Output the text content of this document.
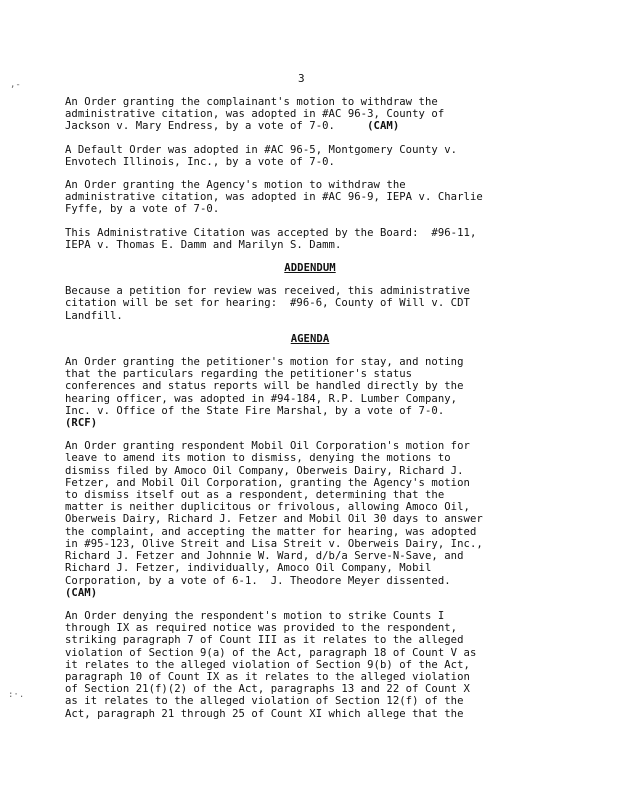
,-
:·.
3

An Order granting the complainant's motion to withdraw the
administrative citation, was adopted in #AC 96-3, County of
Jackson v. Mary Endress, by a vote of 7-0.	(CAM)

A Default Order was adopted in #AC 96-5, Montgomery County v.
Envotech Illinois, Inc., by a vote of 7-0.

An Order granting the Agency's motion to withdraw the
administrative citation, was adopted in #AC 96-9, IEPA v. Charlie
Fyffe, by a vote of 7-0.

This Administrative Citation was accepted by the Board:  #96-11,
IEPA v. Thomas E. Damm and Marilyn S. Damm.

ADDENDUM

Because a petition for review was received, this administrative
citation will be set for hearing:  #96-6, County of Will v. CDT
Landfill.

AGENDA

An Order granting the petitioner's motion for stay, and noting
that the particulars regarding the petitioner's status
conferences and status reports will be handled directly by the
hearing officer, was adopted in #94-184, R.P. Lumber Company,
Inc. v. Office of the State Fire Marshal, by a vote of 7-0.
(RCF)

An Order granting respondent Mobil Oil Corporation's motion for
leave to amend its motion to dismiss, denying the motions to
dismiss filed by Amoco Oil Company, Oberweis Dairy, Richard J.
Fetzer, and Mobil Oil Corporation, granting the Agency's motion
to dismiss itself out as a respondent, determining that the
matter is neither duplicitous or frivolous, allowing Amoco Oil,
Oberweis Dairy, Richard J. Fetzer and Mobil Oil 30 days to answer
the complaint, and accepting the matter for hearing, was adopted
in #95-123, Olive Streit and Lisa Streit v. Oberweis Dairy, Inc.,
Richard J. Fetzer and Johnnie W. Ward, d/b/a Serve-N-Save, and
Richard J. Fetzer, individually, Amoco Oil Company, Mobil
Corporation, by a vote of 6-1.  J. Theodore Meyer dissented.
(CAM)

An Order denying the respondent's motion to strike Counts I
through IX as required notice was provided to the respondent,
striking paragraph 7 of Count III as it relates to the alleged
violation of Section 9(a) of the Act, paragraph 18 of Count V as
it relates to the alleged violation of Section 9(b) of the Act,
paragraph 10 of Count IX as it relates to the alleged violation
of Section 21(f)(2) of the Act, paragraphs 13 and 22 of Count X
as it relates to the alleged violation of Section 12(f) of the
Act, paragraph 21 through 25 of Count XI which allege that the
